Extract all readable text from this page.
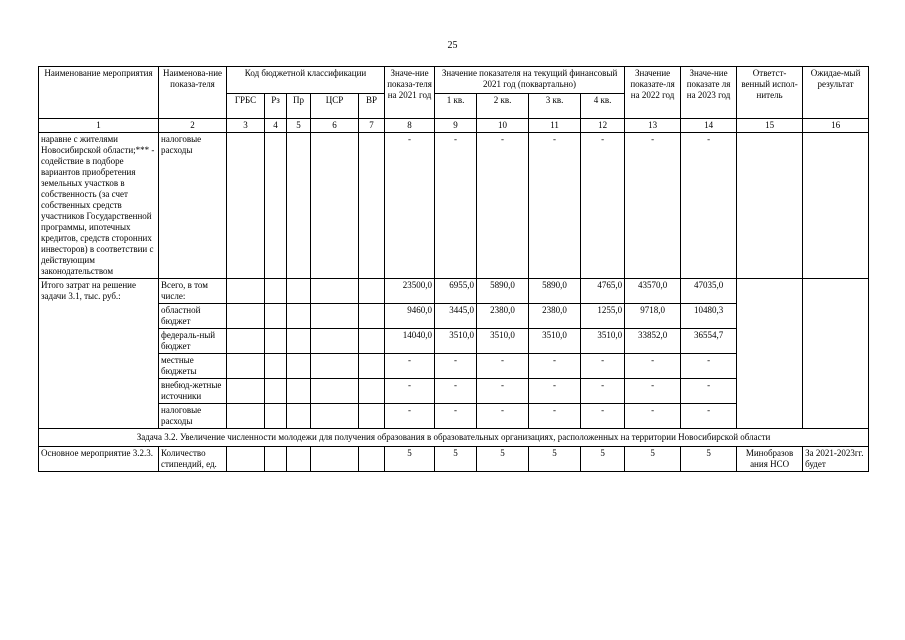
25
Наименование мероприятия	Наименова-ние показа-теля	Код бюджетной классификации					Значе-ние показа-теля на 2021 год	Значение показателя на текущий финансовый 2021 год (поквартально)				Значение показате-ля на 2022 год	Значе-ние показате ля на 2023 год	Ответст-венный испол-нитель	Ожидае-мый результат
		ГРБС	Рз	Пр	ЦСР	ВР		1 кв.	2 кв.	3 кв.	4 кв.				
1	2	3	4	5	6	7	8	9	10	11	12	13	14	15	16
наравне с жителями Новосибирской области;*** - содействие в подборе вариантов приобретения земельных участков в собственность (за счет собственных средств участников Государственной программы, ипотечных кредитов, средств сторонних инвесторов) в соответствии с действующим законодательством	налоговые расходы						-	-	-	-	-	-	-		
Итого затрат на решение задачи 3.1, тыс. руб.:	Всего, в том числе:						23500,0	6955,0	5890,0	5890,0	4765,0	43570,0	47035,0		
	областной бюджет						9460,0	3445,0	2380,0	2380,0	1255,0	9718,0	10480,3		
	федераль-ный бюджет						14040,0	3510,0	3510,0	3510,0	3510,0	33852,0	36554,7		
	местные бюджеты						-	-	-	-	-	-	-		
	внебюд-жетные источники						-	-	-	-	-	-	-		
	налоговые расходы						-	-	-	-	-	-	-		
Задача 3.2. Увеличение численности молодежи для получения образования в образовательных организациях, расположенных на территории Новосибирской области															
Основное мероприятие 3.2.3.	Количество стипендий, ед.						5	5	5	5	5	5	5	Минобразов ания НСО	За 2021-2023гг. будет
